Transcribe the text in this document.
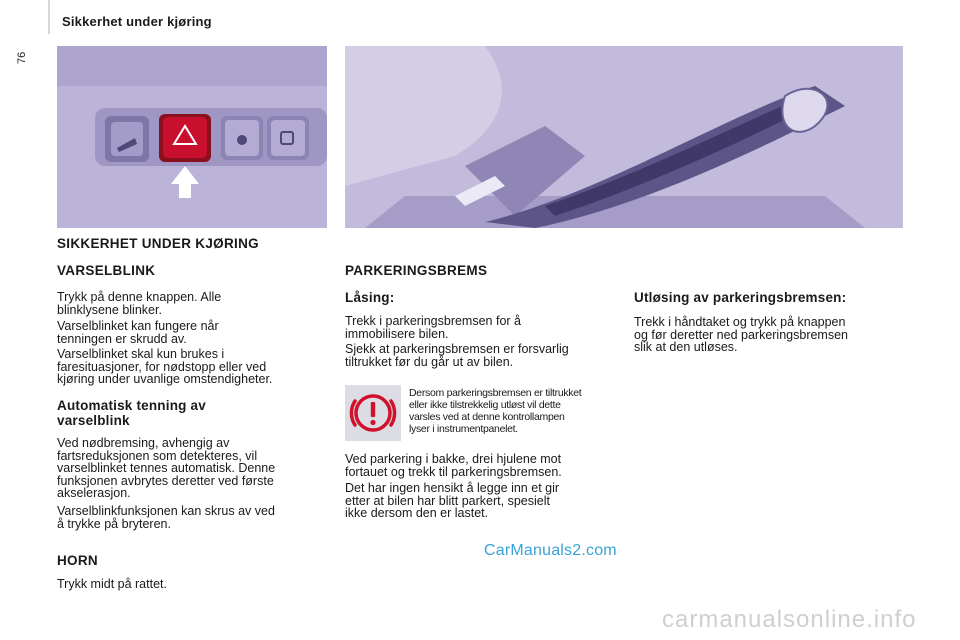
Sikkerhet under kjøring
76
SIKKERHET UNDER KJØRING
VARSELBLINK
Trykk på denne knappen. Alle
blinklysene blinker.
Varselblinket kan fungere når
tenningen er skrudd av.
Varselblinket skal kun brukes i
faresituasjoner, for nødstopp eller ved
kjøring under uvanlige omstendigheter.
Automatisk tenning av
varselblink
Ved nødbremsing, avhengig av
fartsreduksjonen som detekteres, vil
varselblinket tennes automatisk. Denne
funksjonen avbrytes deretter ved første
akselerasjon.
Varselblinkfunksjonen kan skrus av ved
å trykke på bryteren.
HORN
Trykk midt på rattet.
PARKERINGSBREMS
Låsing:
Trekk i parkeringsbremsen for å
immobilisere bilen.
Sjekk at parkeringsbremsen er forsvarlig
tiltrukket før du går ut av bilen.
Dersom parkeringsbremsen er tiltrukket
eller ikke tilstrekkelig utløst vil dette
varsles ved at denne kontrollampen
lyser i instrumentpanelet.
Ved parkering i bakke, drei hjulene mot
fortauet og trekk til parkeringsbremsen.
Det har ingen hensikt å legge inn et gir
etter at bilen har blitt parkert, spesielt
ikke dersom den er lastet.
Utløsing av parkeringsbremsen:
Trekk i håndtaket og trykk på knappen
og før deretter ned parkeringsbremsen
slik at den utløses.
CarManuals2.com
carmanualsonline.info
